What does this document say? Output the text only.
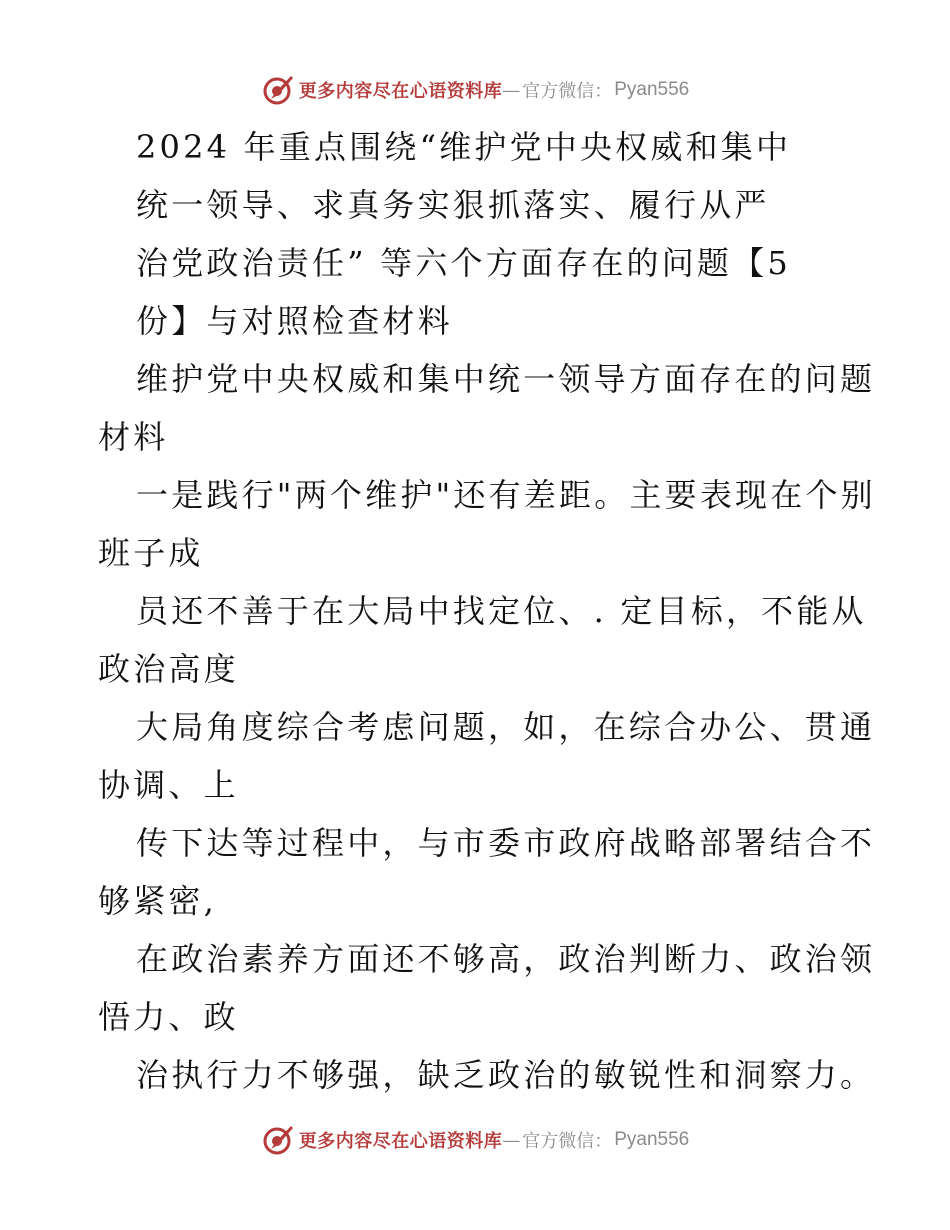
更多内容尽在心语资料库 — 官方微信： Pyan556
2024 年重点围绕“维护党中央权威和集中
统一领导、求真务实狠抓落实、履行从严
治党政治责任” 等六个方面存在的问题【5
份】与对照检查材料
维护党中央权威和集中统一领导方面存在的问题
材料
一是践行"两个维护"还有差距。主要表现在个别
班子成
员还不善于在大局中找定位、. 定目标，不能从
政治高度
大局角度综合考虑问题，如，在综合办公、贯通
协调、上
传下达等过程中，与市委市政府战略部署结合不
够紧密,
在政治素养方面还不够高，政治判断力、政治领
悟力、政
治执行力不够强，缺乏政治的敏锐性和洞察力。
更多内容尽在心语资料库 — 官方微信： Pyan556
